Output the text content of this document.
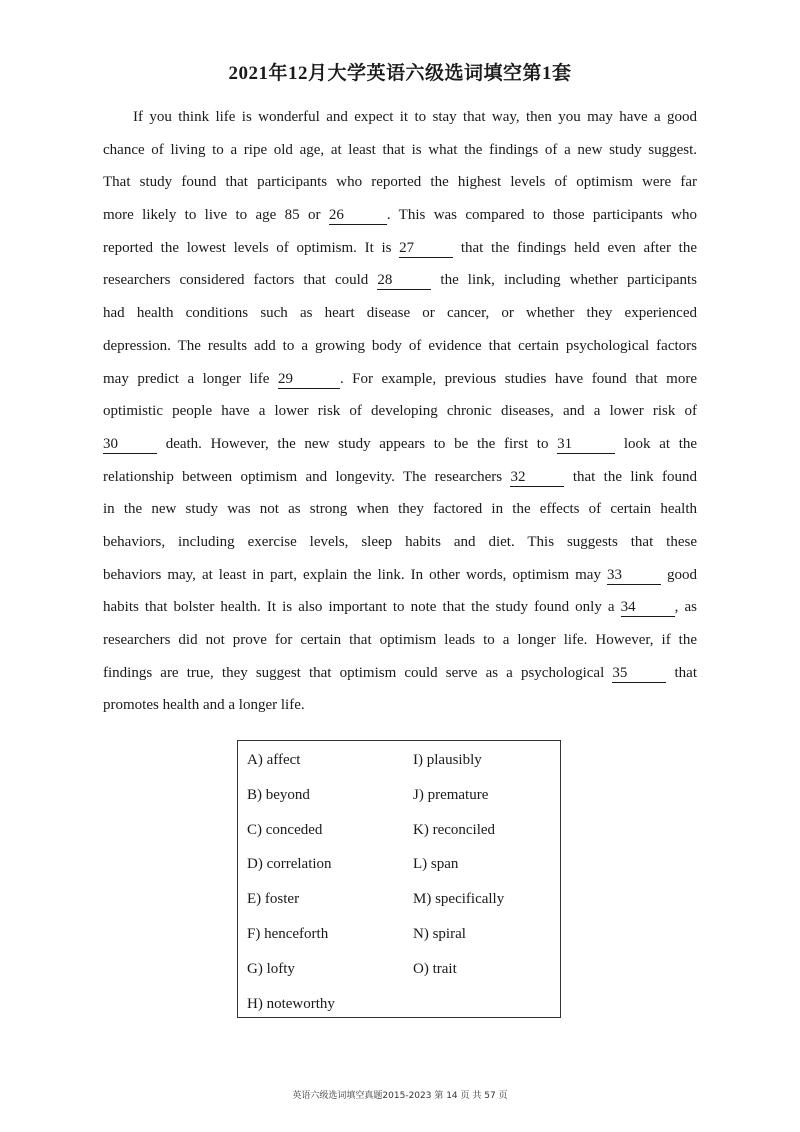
2021年12月大学英语六级选词填空第1套
If you think life is wonderful and expect it to stay that way, then you may have a good
chance of living to a ripe old age, at least that is what the findings of a new study suggest.
That study found that participants who reported the highest levels of optimism were far
more likely to live to age 85 or 26	. This was compared to those participants who
reported the lowest levels of optimism. It is 27	that the findings held even after the
researchers considered factors that could 28	the link, including whether participants
had health conditions such as heart disease or cancer, or whether they experienced
depression. The results add to a growing body of evidence that certain psychological factors
may predict a longer life 29	. For example, previous studies have found that more
optimistic people have a lower risk of developing chronic diseases, and a lower risk of
30	death. However, the new study appears to be the first to 31	look at the
relationship between optimism and longevity. The researchers 32	that the link found
in the new study was not as strong when they factored in the effects of certain health
behaviors, including exercise levels, sleep habits and diet. This suggests that these
behaviors may, at least in part, explain the link. In other words, optimism may 33	good
habits that bolster health. It is also important to note that the study found only a 34	, as
researchers did not prove for certain that optimism leads to a longer life. However, if the
findings are true, they suggest that optimism could serve as a psychological 35	that
promotes health and a longer life.
A) affect
B) beyond
C) conceded
D) correlation
E) foster
F) henceforth
G) lofty
H) noteworthy
I) plausibly
J) premature
K) reconciled
L) span
M) specifically
N) spiral
O) trait
英语六级选词填空真题2015-2023 第 14 页 共 57 页
